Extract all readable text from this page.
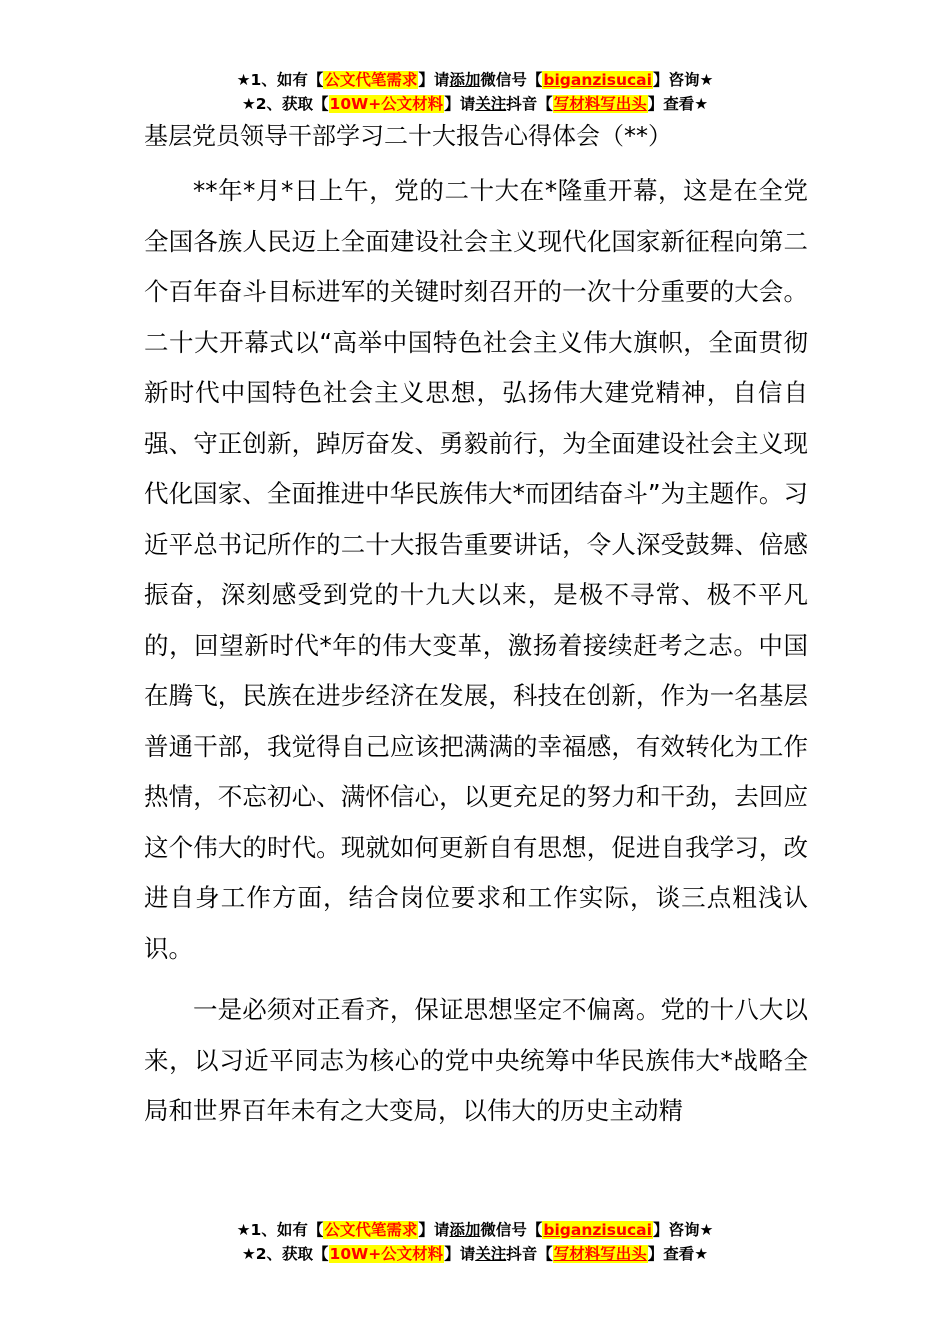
★1、如有【公文代笔需求】请添加微信号【biganzisucai】咨询★
★2、获取【10W+公文材料】请关注抖音【写材料写出头】查看★
基层党员领导干部学习二十大报告心得体会（**）

**年*月*日上午，党的二十大在*隆重开幕，这是在全党全国各族人民迈上全面建设社会主义现代化国家新征程向第二个百年奋斗目标进军的关键时刻召开的一次十分重要的大会。二十大开幕式以“高举中国特色社会主义伟大旗帜，全面贯彻新时代中国特色社会主义思想，弘扬伟大建党精神，自信自强、守正创新，踔厉奋发、勇毅前行，为全面建设社会主义现代化国家、全面推进中华民族伟大*而团结奋斗”为主题作。习近平总书记所作的二十大报告重要讲话，令人深受鼓舞、倍感振奋，深刻感受到党的十九大以来，是极不寻常、极不平凡的，回望新时代*年的伟大变革，激扬着接续赶考之志。中国在腾飞，民族在进步经济在发展，科技在创新，作为一名基层普通干部，我觉得自己应该把满满的幸福感，有效转化为工作热情，不忘初心、满怀信心，以更充足的努力和干劲，去回应这个伟大的时代。现就如何更新自有思想，促进自我学习，改进自身工作方面，结合岗位要求和工作实际，谈三点粗浅认识。

一是必须对正看齐，保证思想坚定不偏离。党的十八大以来，以习近平同志为核心的党中央统筹中华民族伟大*战略全局和世界百年未有之大变局，以伟大的历史主动精

★1、如有【公文代笔需求】请添加微信号【biganzisucai】咨询★
★2、获取【10W+公文材料】请关注抖音【写材料写出头】查看★
